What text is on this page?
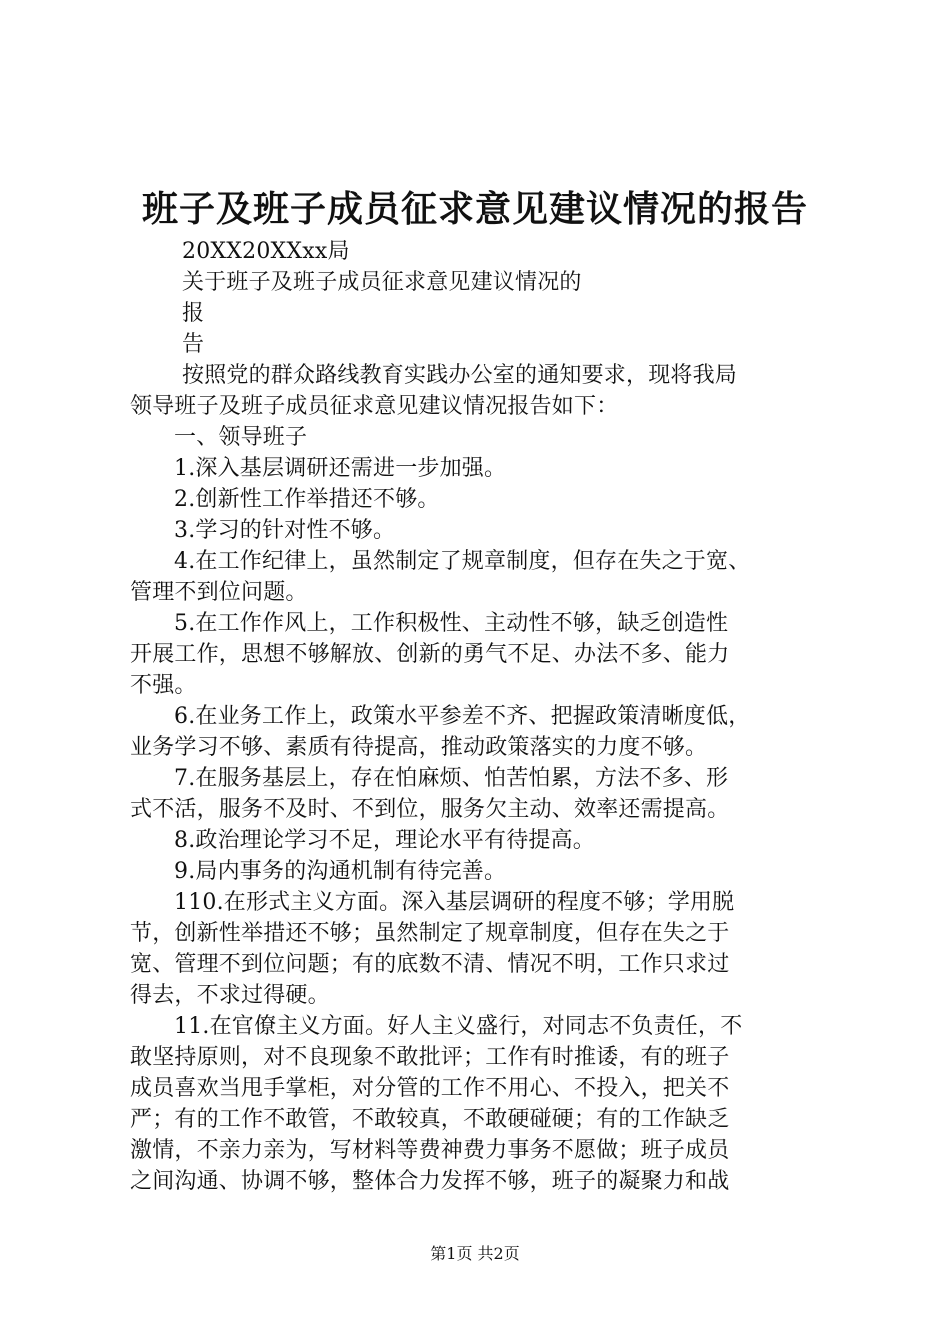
班子及班子成员征求意见建议情况的报告
20XX20XXxx局
关于班子及班子成员征求意见建议情况的
报
告
按照党的群众路线教育实践办公室的通知要求，现将我局
领导班子及班子成员征求意见建议情况报告如下：
一、领导班子
1.深入基层调研还需进一步加强。
2.创新性工作举措还不够。
3.学习的针对性不够。
4.在工作纪律上，虽然制定了规章制度，但存在失之于宽、
管理不到位问题。
5.在工作作风上，工作积极性、主动性不够，缺乏创造性
开展工作，思想不够解放、创新的勇气不足、办法不多、能力
不强。
6.在业务工作上，政策水平参差不齐、把握政策清晰度低，
业务学习不够、素质有待提高，推动政策落实的力度不够。
7.在服务基层上，存在怕麻烦、怕苦怕累，方法不多、形
式不活，服务不及时、不到位，服务欠主动、效率还需提高。
8.政治理论学习不足，理论水平有待提高。
9.局内事务的沟通机制有待完善。
110.在形式主义方面。深入基层调研的程度不够；学用脱
节，创新性举措还不够；虽然制定了规章制度，但存在失之于
宽、管理不到位问题；有的底数不清、情况不明，工作只求过
得去，不求过得硬。
11.在官僚主义方面。好人主义盛行，对同志不负责任，不
敢坚持原则，对不良现象不敢批评；工作有时推诿，有的班子
成员喜欢当甩手掌柜，对分管的工作不用心、不投入，把关不
严；有的工作不敢管，不敢较真，不敢硬碰硬；有的工作缺乏
激情，不亲力亲为，写材料等费神费力事务不愿做；班子成员
之间沟通、协调不够，整体合力发挥不够，班子的凝聚力和战
第1页 共2页
